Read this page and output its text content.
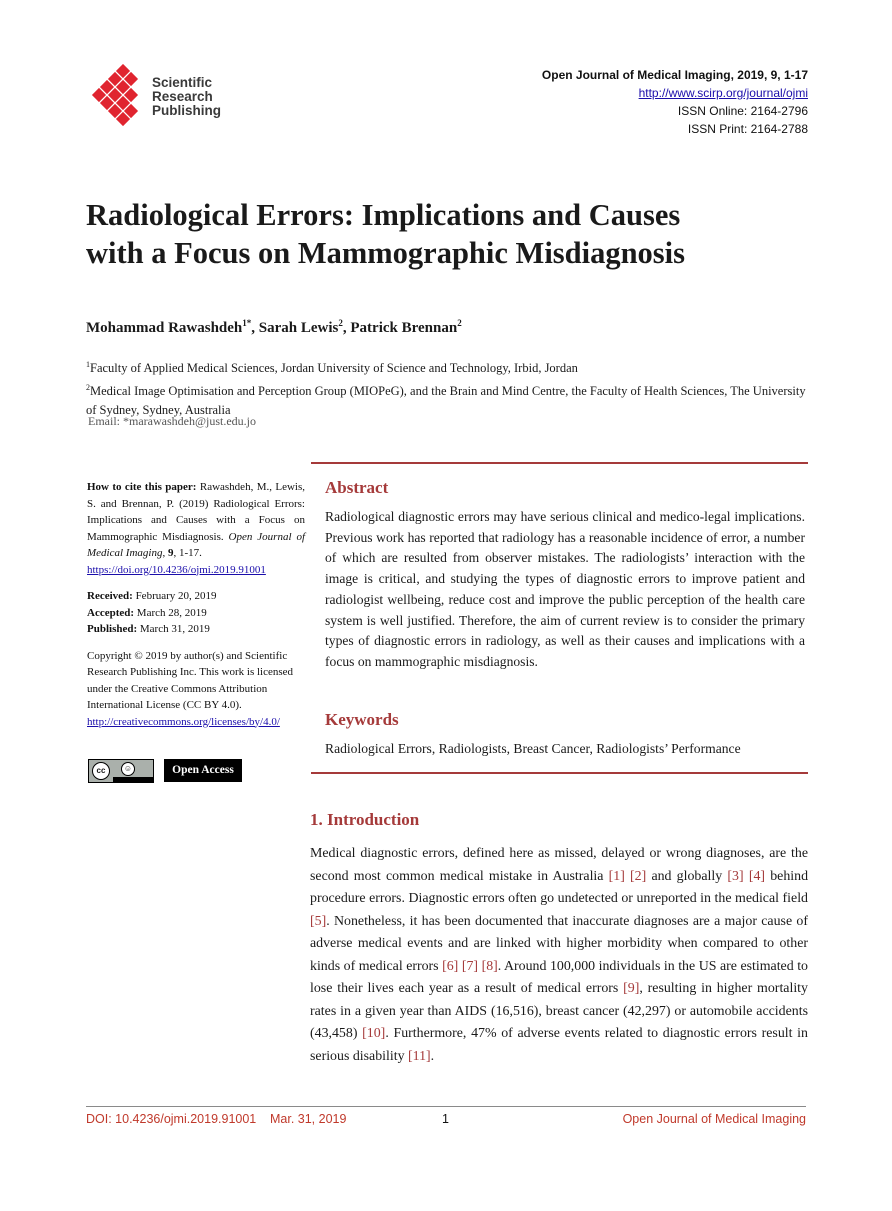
Scientific
Research
Publishing
Open Journal of Medical Imaging, 2019, 9, 1-17
http://www.scirp.org/journal/ojmi
ISSN Online: 2164-2796
ISSN Print: 2164-2788
Radiological Errors: Implications and Causes
with a Focus on Mammographic Misdiagnosis
Mohammad Rawashdeh$^{1*}$, Sarah Lewis$^2$, Patrick Brennan$^2$
$^1$Faculty of Applied Medical Sciences, Jordan University of Science and Technology, Irbid, Jordan
$^2$Medical Image Optimisation and Perception Group (MIOPeG), and the Brain and Mind Centre, the Faculty of Health Sciences, The University of Sydney, Sydney, Australia
Email: *marawashdeh@just.edu.jo
How to cite this paper: Rawashdeh, M., Lewis, S. and Brennan, P. (2019) Radiological Errors: Implications and Causes with a Focus on Mammographic Misdiagnosis. Open Journal of Medical Imaging, 9, 1-17.
https://doi.org/10.4236/ojmi.2019.91001
Received: February 20, 2019
Accepted: March 28, 2019
Published: March 31, 2019
Copyright © 2019 by author(s) and Scientific Research Publishing Inc. This work is licensed under the Creative Commons Attribution International License (CC BY 4.0).
http://creativecommons.org/licenses/by/4.0/
cc	☺	Open Access
Abstract
Radiological diagnostic errors may have serious clinical and medico-legal implications. Previous work has reported that radiology has a reasonable incidence of error, a number of which are resulted from observer mistakes. The radiologists’ interaction with the image is critical, and studying the types of diagnostic errors to improve patient and radiologist wellbeing, reduce cost and improve the public perception of the health care system is well justified. Therefore, the aim of current review is to consider the primary types of diagnostic errors in radiology, as well as their causes and implications with a focus on mammographic misdiagnosis.
Keywords
Radiological Errors, Radiologists, Breast Cancer, Radiologists’ Performance
1. Introduction
Medical diagnostic errors, defined here as missed, delayed or wrong diagnoses, are the second most common medical mistake in Australia [1] [2] and globally [3] [4] behind procedure errors. Diagnostic errors often go undetected or unreported in the medical field [5]. Nonetheless, it has been documented that inaccurate diagnoses are a major cause of adverse medical events and are linked with higher morbidity when compared to other kinds of medical errors [6] [7] [8]. Around 100,000 individuals in the US are estimated to lose their lives each year as a result of medical errors [9], resulting in higher mortality rates in a given year than AIDS (16,516), breast cancer (42,297) or automobile accidents (43,458) [10]. Furthermore, 47% of adverse events related to diagnostic errors result in serious disability [11].
DOI: 10.4236/ojmi.2019.91001 Mar. 31, 2019	1	Open Journal of Medical Imaging
